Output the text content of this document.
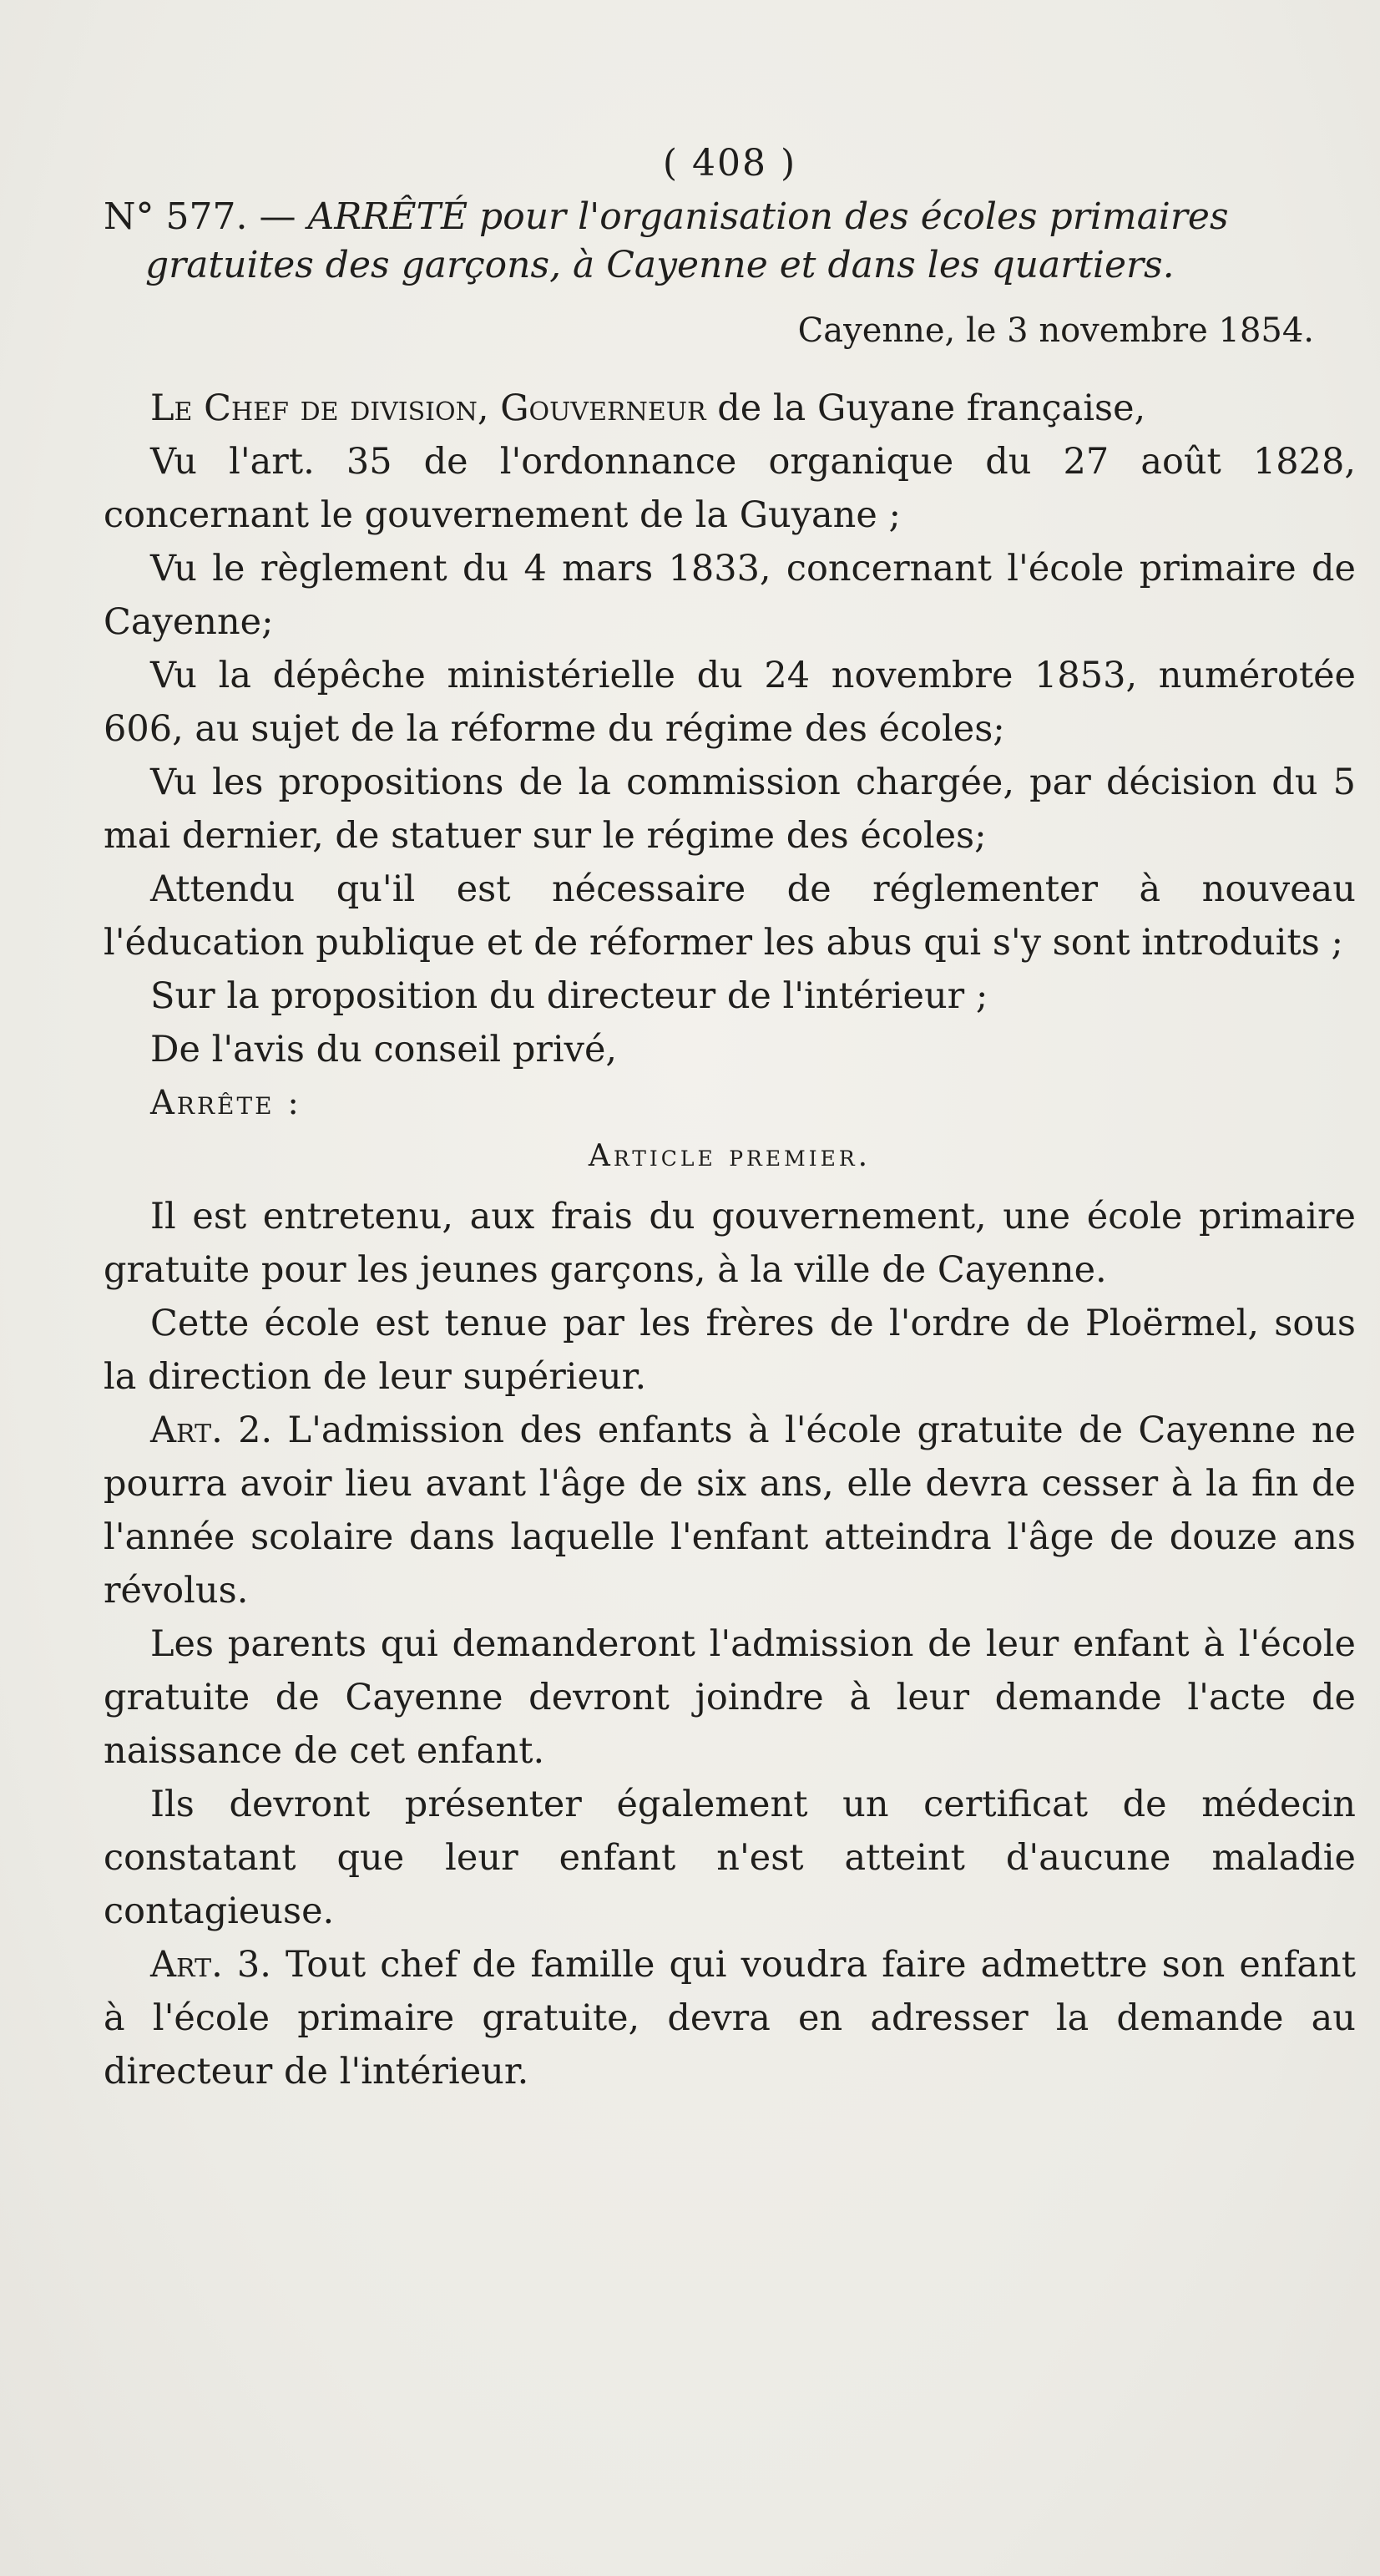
( 408 )

N° 577. — ARRÊTÉ pour l'organisation des écoles primaires
gratuites des garçons, à Cayenne et dans les quartiers.

Cayenne, le 3 novembre 1854.

Le Chef de division, Gouverneur de la Guyane française,

Vu l'art. 35 de l'ordonnance organique du 27 août 1828, concernant le gouvernement de la Guyane ;

Vu le règlement du 4 mars 1833, concernant l'école primaire de Cayenne;

Vu la dépêche ministérielle du 24 novembre 1853, numérotée 606, au sujet de la réforme du régime des écoles;

Vu les propositions de la commission chargée, par décision du 5 mai dernier, de statuer sur le régime des écoles;

Attendu qu'il est nécessaire de réglementer à nouveau l'éducation publique et de réformer les abus qui s'y sont introduits ;

Sur la proposition du directeur de l'intérieur ;

De l'avis du conseil privé,

Arrête :

Article premier.

Il est entretenu, aux frais du gouvernement, une école primaire gratuite pour les jeunes garçons, à la ville de Cayenne.

Cette école est tenue par les frères de l'ordre de Ploërmel, sous la direction de leur supérieur.

Art. 2. L'admission des enfants à l'école gratuite de Cayenne ne pourra avoir lieu avant l'âge de six ans, elle devra cesser à la fin de l'année scolaire dans laquelle l'enfant atteindra l'âge de douze ans révolus.

Les parents qui demanderont l'admission de leur enfant à l'école gratuite de Cayenne devront joindre à leur demande l'acte de naissance de cet enfant.

Ils devront présenter également un certificat de médecin constatant que leur enfant n'est atteint d'aucune maladie contagieuse.

Art. 3. Tout chef de famille qui voudra faire admettre son enfant à l'école primaire gratuite, devra en adresser la demande au directeur de l'intérieur.
